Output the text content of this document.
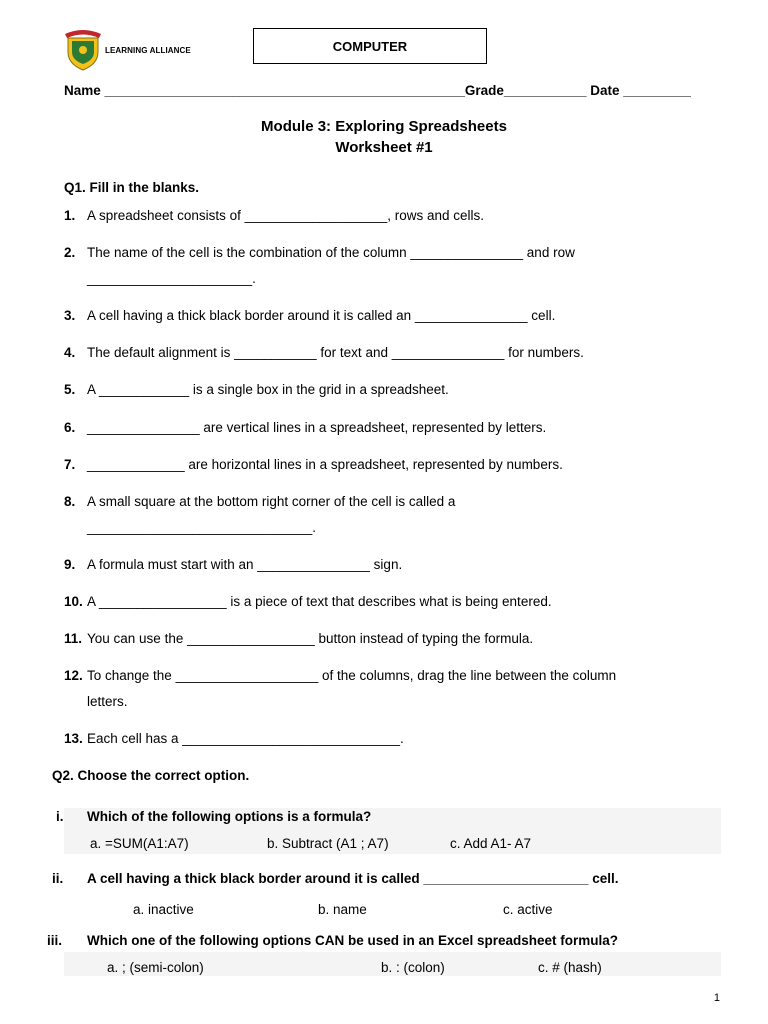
LEARNING ALLIANCE	COMPUTER
Name ________________________________________________Grade___________ Date _________
Module 3: Exploring Spreadsheets
Worksheet #1
Q1. Fill in the blanks.
1. A spreadsheet consists of ___________________, rows and cells.
2. The name of the cell is the combination of the column _______________ and row
______________________.
3. A cell having a thick black border around it is called an _______________ cell.
4. The default alignment is ___________ for text and _______________ for numbers.
5. A ____________ is a single box in the grid in a spreadsheet.
6. _______________ are vertical lines in a spreadsheet, represented by letters.
7. _____________ are horizontal lines in a spreadsheet, represented by numbers.
8. A small square at the bottom right corner of the cell is called a
______________________________.
9. A formula must start with an _______________ sign.
10. A _________________ is a piece of text that describes what is being entered.
11. You can use the _________________ button instead of typing the formula.
12. To change the ___________________ of the columns, drag the line between the column
letters.
13. Each cell has a _____________________________.
Q2. Choose the correct option.
i. Which of the following options is a formula?
a. =SUM(A1:A7)	b. Subtract (A1 ; A7)	c. Add A1- A7
ii. A cell having a thick black border around it is called ______________________ cell.
a. inactive	b. name	c. active
iii. Which one of the following options CAN be used in an Excel spreadsheet formula?
a. ; (semi-colon)	b. : (colon)	c. # (hash)
1
